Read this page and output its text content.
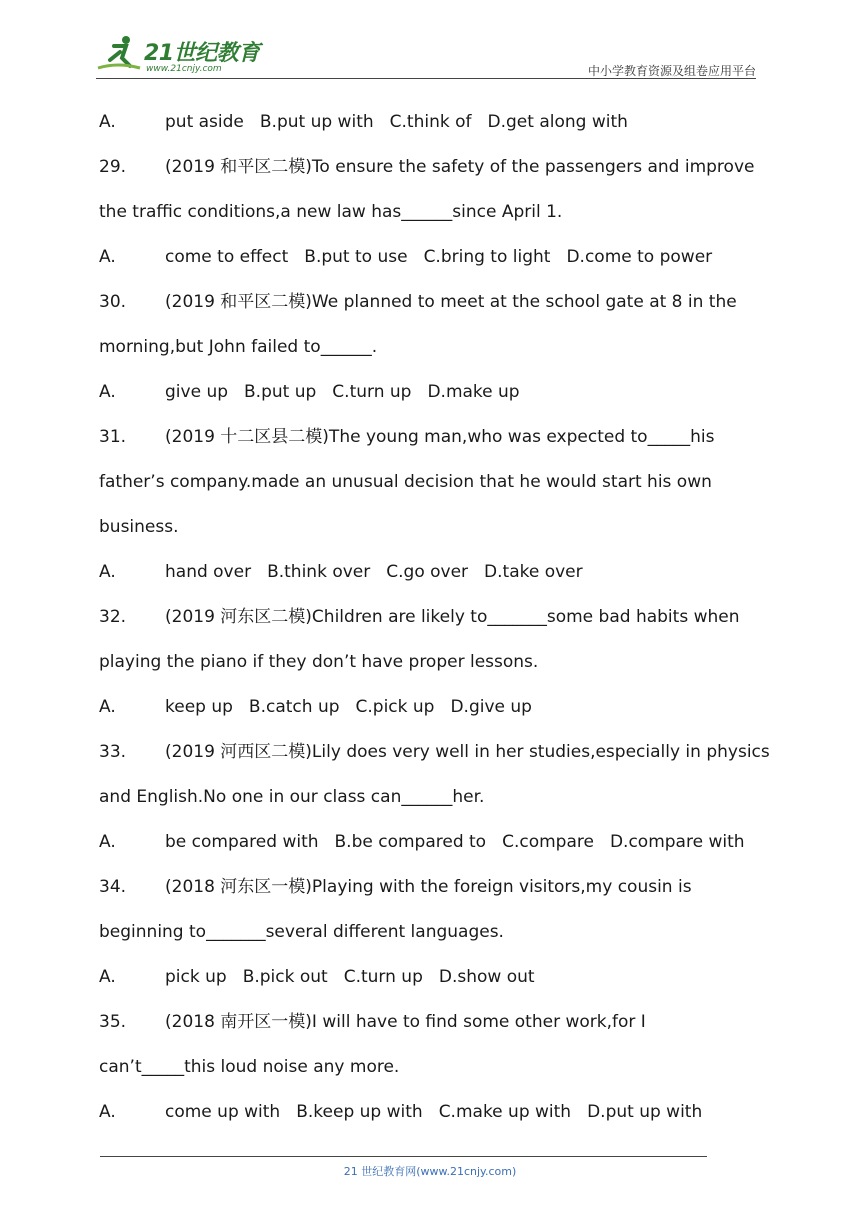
21世纪教育
www.21cnjy.com	中小学教育资源及组卷应用平台
A.	put aside B.put up with C.think of D.get along with
29. (2019 和平区二模)To ensure the safety of the passengers and improve
the traffic conditions,a new law has______since April 1.
A.	come to effect B.put to use C.bring to light D.come to power
30. (2019 和平区二模)We planned to meet at the school gate at 8 in the
morning,but John failed to______.
A.	give up B.put up C.turn up D.make up
31. (2019 十二区县二模)The young man,who was expected to_____his
father’s company.made an unusual decision that he would start his own
business.
A.	hand over B.think over C.go over D.take over
32. (2019 河东区二模)Children are likely to_______some bad habits when
playing the piano if they don’t have proper lessons.
A.	keep up B.catch up C.pick up D.give up
33. (2019 河西区二模)Lily does very well in her studies,especially in physics
and English.No one in our class can______her.
A.	be compared with B.be compared to C.compare D.compare with
34. (2018 河东区一模)Playing with the foreign visitors,my cousin is
beginning to_______several different languages.
A.	pick up B.pick out C.turn up D.show out
35. (2018 南开区一模)I will have to find some other work,for I
can’t_____this loud noise any more.
A.	come up with B.keep up with C.make up with D.put up with
21 世纪教育网(www.21cnjy.com)
